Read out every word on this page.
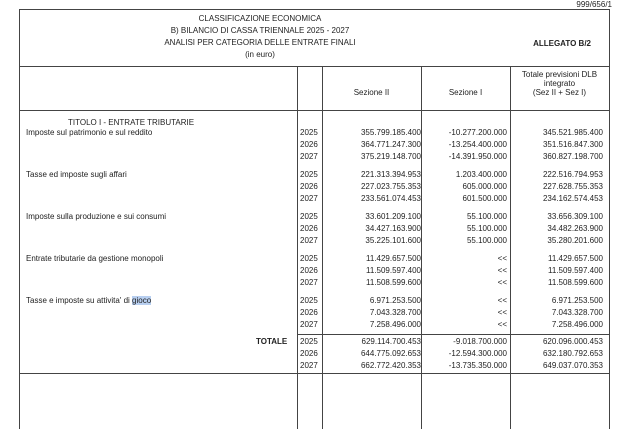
999/656/1
CLASSIFICAZIONE ECONOMICA
B) BILANCIO DI CASSA TRIENNALE 2025 - 2027
ANALISI PER CATEGORIA DELLE ENTRATE FINALI
(in euro)
ALLEGATO B/2
Sezione II	Sezione I
Totale previsioni DLB
integrato
(Sez II + Sez I)
TITOLO I - ENTRATE TRIBUTARIE
Imposte sul patrimonio e sul reddito	2025	355.799.185.400	-10.277.200.000	345.521.985.400
2026	364.771.247.300	-13.254.400.000	351.516.847.300
2027	375.219.148.700	-14.391.950.000	360.827.198.700
Tasse ed imposte sugli affari	2025	221.313.394.953	1.203.400.000	222.516.794.953
2026	227.023.755.353	605.000.000	227.628.755.353
2027	233.561.074.453	601.500.000	234.162.574.453
Imposte sulla produzione e sui consumi	2025	33.601.209.100	55.100.000	33.656.309.100
2026	34.427.163.900	55.100.000	34.482.263.900
2027	35.225.101.600	55.100.000	35.280.201.600
Entrate tributarie da gestione monopoli	2025	11.429.657.500	<<	11.429.657.500
2026	11.509.597.400	<<	11.509.597.400
2027	11.508.599.600	<<	11.508.599.600
Tasse e imposte su attivita' di gioco	2025	6.971.253.500	<<	6.971.253.500
2026	7.043.328.700	<<	7.043.328.700
2027	7.258.496.000	<<	7.258.496.000
TOTALE 2025	629.114.700.453	-9.018.700.000	620.096.000.453
2026	644.775.092.653	-12.594.300.000	632.180.792.653
2027	662.772.420.353	-13.735.350.000	649.037.070.353
